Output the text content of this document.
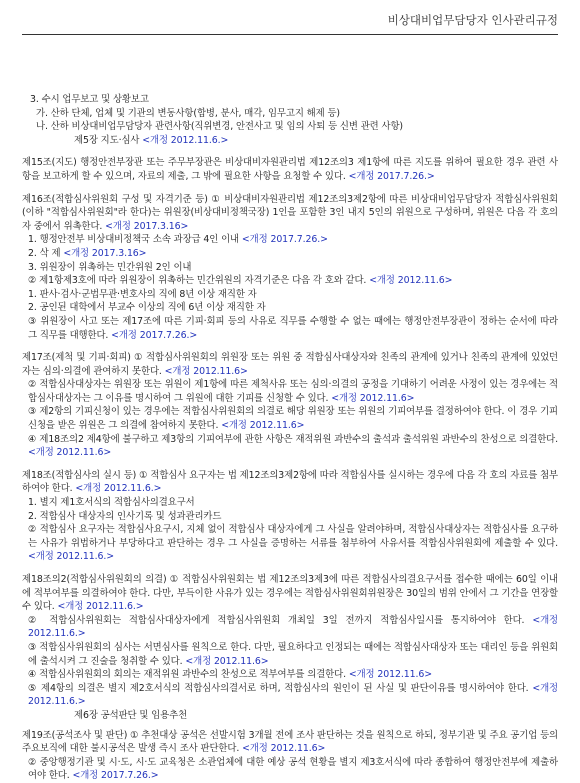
비상대비업무담당자 인사관리규정

3. 수시 업무보고 및 상황보고

가. 산하 단체, 업체 및 기관의 변동사항(합병, 분사, 매각, 임무고지 해제 등)

나. 산하 비상대비업무담당자 관련사항(직위변경, 안전사고 및 임의 사퇴 등 신변 관련 사항)

제5장 지도·심사 <개정 2012.11.6.>

제15조(지도) 행정안전부장관 또는 주무부장관은 비상대비자원관리법 제12조의3 제1항에 따른 지도를 위하여 필요한 경우 관련 사항을 보고하게 할 수 있으며, 자료의 제출, 그 밖에 필요한 사항을 요청할 수 있다. <개정 2017.7.26.>

제16조(적합심사위원회 구성 및 자격기준 등) ① 비상대비자원관리법 제12조의3제2항에 따른 비상대비업무담당자 적합심사위원회(이하 "적합심사위원회"라 한다)는 위원장(비상대비정책국장) 1인을 포함한 3인 내지 5인의 위원으로 구성하며, 위원은 다음 각 호의 자 중에서 위촉한다. <개정 2017.3.16>

1. 행정안전부 비상대비정책국 소속 과장급 4인 이내 <개정 2017.7.26.>

2. 삭 제 <개정 2017.3.16>

3. 위원장이 위촉하는 민간위원 2인 이내

② 제1항제3호에 따라 위원장이 위촉하는 민간위원의 자격기준은 다음 각 호와 같다. <개정 2012.11.6>

1. 판사·검사·군법무관·변호사의 직에 8년 이상 재직한 자

2. 공인된 대학에서 부교수 이상의 직에 6년 이상 재직한 자

③ 위원장이 사고 또는 제17조에 따른 기피·회피 등의 사유로 직무를 수행할 수 없는 때에는 행정안전부장관이 정하는 순서에 따라 그 직무를 대행한다. <개정 2017.7.26.>

제17조(제척 및 기피·회피) ① 적합심사위원회의 위원장 또는 위원 중 적합심사대상자와 친족의 관계에 있거나 친족의 관계에 있었던 자는 심의·의결에 관여하지 못한다. <개정 2012.11.6>

② 적합심사대상자는 위원장 또는 위원이 제1항에 따른 제척사유 또는 심의·의결의 공정을 기대하기 어려운 사정이 있는 경우에는 적합심사대상자는 그 이유를 명시하여 그 위원에 대한 기피를 신청할 수 있다. <개정 2012.11.6>

③ 제2항의 기피신청이 있는 경우에는 적합심사위원회의 의결로 해당 위원장 또는 위원의 기피여부를 결정하여야 한다. 이 경우 기피신청을 받은 위원은 그 의결에 참여하지 못한다. <개정 2012.11.6>

④ 제18조의2 제4항에 불구하고 제3항의 기피여부에 관한 사항은 재적위원 과반수의 출석과 출석위원 과반수의 찬성으로 의결한다. <개정 2012.11.6>

제18조(적합심사의 실시 등) ① 적합심사 요구자는 법 제12조의3제2항에 따라 적합심사를 실시하는 경우에 다음 각 호의 자료를 첨부하여야 한다. <개정 2012.11.6.>

1. 별지 제1호서식의 적합심사의결요구서

2. 적합심사 대상자의 인사기록 및 성과관리카드

② 적합심사 요구자는 적합심사요구시, 지체 없이 적합심사 대상자에게 그 사실을 알려야하며, 적합심사대상자는 적합심사를 요구하는 사유가 위법하거나 부당하다고 판단하는 경우 그 사실을 증명하는 서류를 첨부하여 사유서를 적합심사위원회에 제출할 수 있다. <개정 2012.11.6.>

제18조의2(적합심사위원회의 의결) ① 적합심사위원회는 법 제12조의3제3에 따른 적합심사의결요구서를 접수한 때에는 60일 이내에 적부여부를 의결하여야 한다. 다만, 부득이한 사유가 있는 경우에는 적합심사위원회위원장은 30일의 범위 안에서 그 기간을 연장할 수 있다. <개정 2012.11.6.>

② 적합심사위원회는 적합심사대상자에게 적합심사위원회 개최일 3일 전까지 적합심사일시를 통지하여야 한다. <개정 2012.11.6.>

③ 적합심사위원회의 심사는 서면심사를 원칙으로 한다. 다만, 필요하다고 인정되는 때에는 적합심사대상자 또는 대리인 등을 위원회에 출석시켜 그 진술을 청취할 수 있다. <개정 2012.11.6>

④ 적합심사위원회의 회의는 재적위원 과반수의 찬성으로 적부여부를 의결한다. <개정 2012.11.6>

⑤ 제4항의 의결은 별지 제2호서식의 적합심사의결서로 하며, 적합심사의 원인이 된 사실 및 판단이유를 명시하여야 한다. <개정 2012.11.6.>

제6장 공석판단 및 임용추천

제19조(공석조사 및 판단) ① 추천대상 공석은 선발시험 3개월 전에 조사 판단하는 것을 원칙으로 하되, 정부기관 및 주요 공기업 등의 주요보직에 대한 불시공석은 발생 즉시 조사 판단한다. <개정 2012.11.6>

② 중앙행정기관 및 시·도, 시·도 교육청은 소관업체에 대한 예상 공석 현황을 별지 제3호서식에 따라 종합하여 행정안전부에 제출하여야 한다. <개정 2017.7.26.>
